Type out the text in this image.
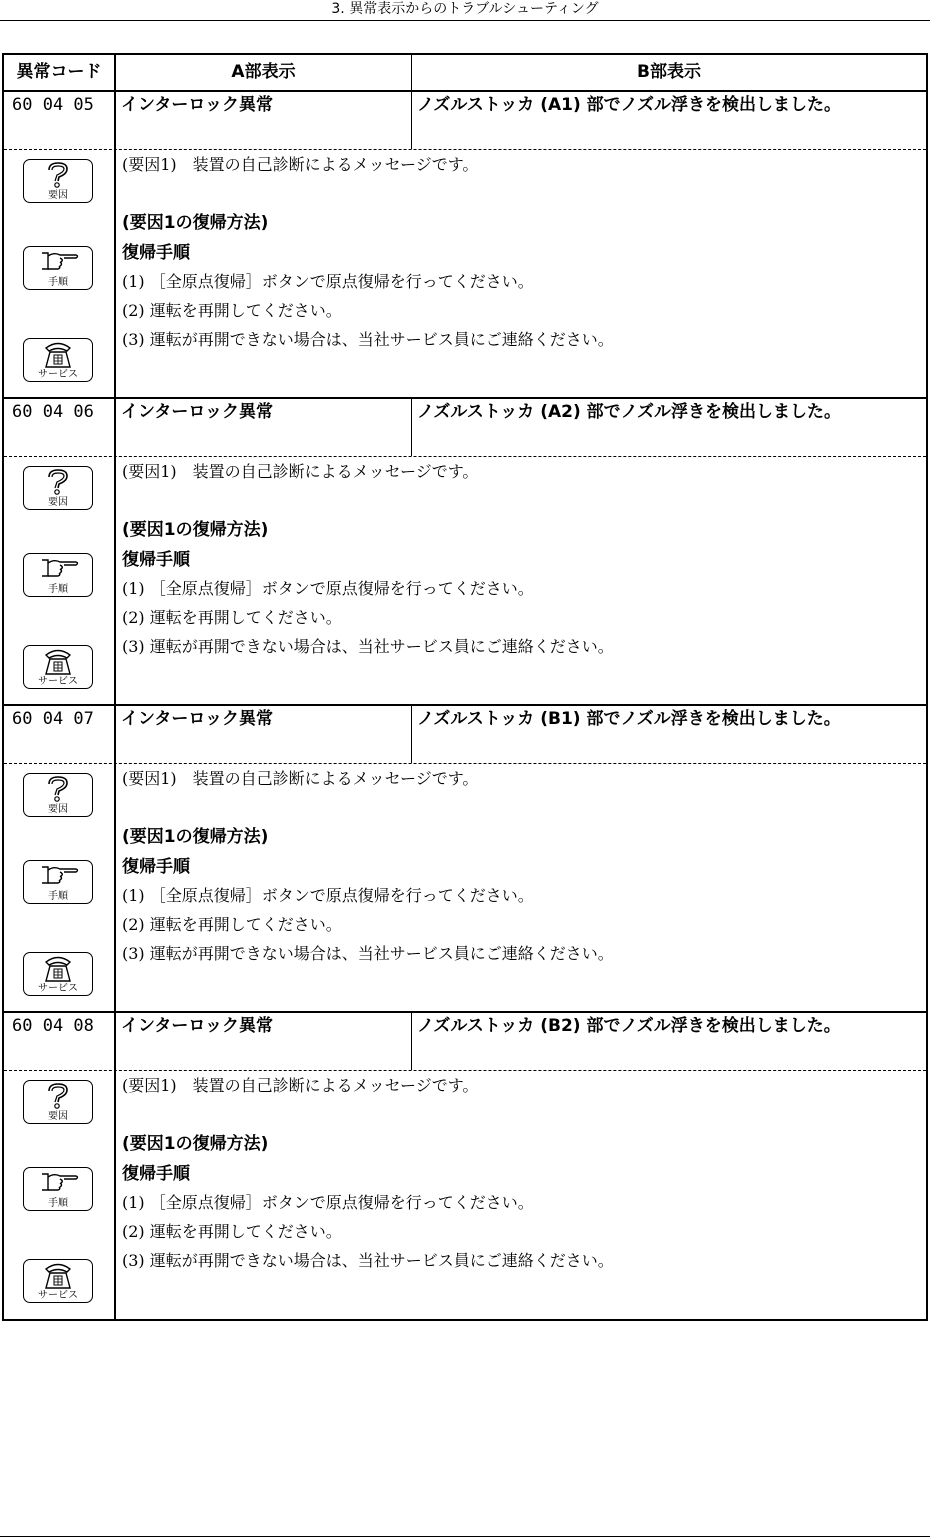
3. 異常表示からのトラブルシューティング
異常コード	A部表示	B部表示
60 04 05	インターロック異常	ノズルストッカ (A1) 部でノズル浮きを検出しました。
要因
手順
サービス
(要因1)　装置の自己診断によるメッセージです。
(要因1の復帰方法)
復帰手順
(1) ［全原点復帰］ボタンで原点復帰を行ってください。
(2) 運転を再開してください。
(3) 運転が再開できない場合は、当社サービス員にご連絡ください。
60 04 06	インターロック異常	ノズルストッカ (A2) 部でノズル浮きを検出しました。
要因
手順
サービス
(要因1)　装置の自己診断によるメッセージです。
(要因1の復帰方法)
復帰手順
(1) ［全原点復帰］ボタンで原点復帰を行ってください。
(2) 運転を再開してください。
(3) 運転が再開できない場合は、当社サービス員にご連絡ください。
60 04 07	インターロック異常	ノズルストッカ (B1) 部でノズル浮きを検出しました。
要因
手順
サービス
(要因1)　装置の自己診断によるメッセージです。
(要因1の復帰方法)
復帰手順
(1) ［全原点復帰］ボタンで原点復帰を行ってください。
(2) 運転を再開してください。
(3) 運転が再開できない場合は、当社サービス員にご連絡ください。
60 04 08	インターロック異常	ノズルストッカ (B2) 部でノズル浮きを検出しました。
要因
手順
サービス
(要因1)　装置の自己診断によるメッセージです。
(要因1の復帰方法)
復帰手順
(1) ［全原点復帰］ボタンで原点復帰を行ってください。
(2) 運転を再開してください。
(3) 運転が再開できない場合は、当社サービス員にご連絡ください。
